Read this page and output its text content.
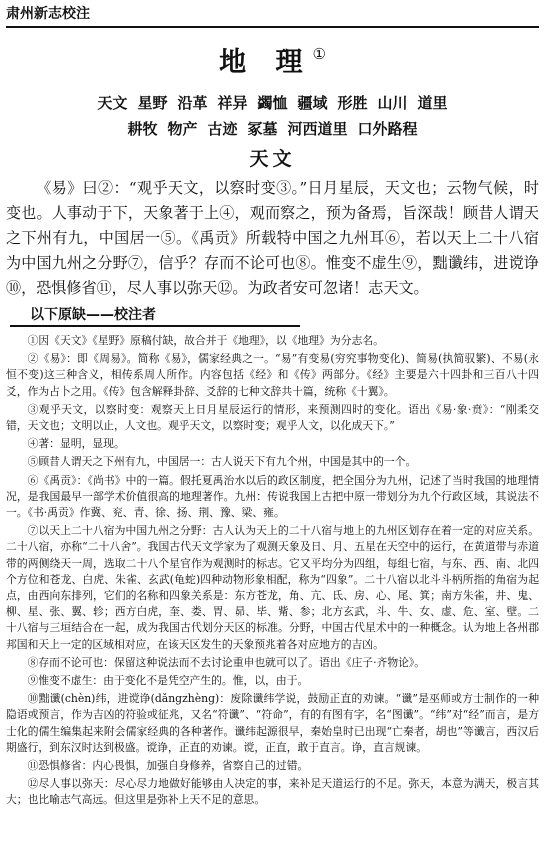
肃州新志校注
地 理①
天文 星野 沿革 祥异 蠲恤 疆域 形胜 山川 道里
耕牧 物产 古迹 冢墓 河西道里 口外路程
天文
《易》曰②：“观乎天文，以察时变③。”日月星辰，天文也；云物气候，时变也。人事动于下，天象著于上④，观而察之，预为备焉，旨深哉！顾昔人谓天之下州有九，中国居一⑤。《禹贡》所载特中国之九州耳⑥，若以天上二十八宿为中国九州之分野⑦，信乎？存而不论可也⑧。惟变不虚生⑨，黜谶纬，进谠诤⑩，恐惧修省⑪，尽人事以弥天⑫。为政者安可忽诸！志天文。
以下原缺——校注者

①因《天文》《星野》原稿付缺，故合并于《地理》，以《地理》为分志名。

②《易》：即《周易》。简称《易》，儒家经典之一。“易”有变易(穷究事物变化)、简易(执简驭繁)、不易(永恒不变)这三种含义，相传系周人所作。内容包括《经》和《传》两部分。《经》主要是六十四卦和三百八十四爻，作为占卜之用。《传》包含解释卦辞、爻辞的七种文辞共十篇，统称《十翼》。

③观乎天文，以察时变：观察天上日月星辰运行的情形，来预测四时的变化。语出《易·象·贲》：“刚柔交错，天文也；文明以止，人文也。观乎天文，以察时变；观乎人文，以化成天下。”

④著：显明，显现。

⑤顾昔人谓天之下州有九，中国居一：古人说天下有九个州，中国是其中的一个。

⑥《禹贡》：《尚书》中的一篇。假托夏禹治水以后的政区制度，把全国分为九州，记述了当时我国的地理情况，是我国最早一部学术价值很高的地理著作。九州：传说我国上古把中原一带划分为九个行政区域，其说法不一。《书·禹贡》作冀、兖、青、徐、扬、荆、豫、梁、雍。

⑦以天上二十八宿为中国九州之分野：古人认为天上的二十八宿与地上的九州区划存在着一定的对应关系。二十八宿，亦称“二十八舍”。我国古代天文学家为了观测天象及日、月、五星在天空中的运行，在黄道带与赤道带的两侧绕天一周，选取二十八个星官作为观测时的标志。它又平均分为四组，每组七宿，与东、西、南、北四个方位和苍龙、白虎、朱雀、玄武(龟蛇)四种动物形象相配，称为“四象”。二十八宿以北斗斗柄所指的角宿为起点，由西向东排列，它们的名称和四象关系是：东方苍龙，角、亢、氐、房、心、尾、箕；南方朱雀，井、鬼、柳、星、张、翼、轸；西方白虎，奎、娄、胃、昴、毕、觜、参；北方玄武，斗、牛、女、虚、危、室、壁。二十八宿与三垣结合在一起，成为我国古代划分天区的标准。分野，中国古代星术中的一种概念。认为地上各州郡邦国和天上一定的区域相对应，在该天区发生的天象预兆着各对应地方的吉凶。

⑧存而不论可也：保留这种说法而不去讨论重申也就可以了。语出《庄子·齐物论》。

⑨惟变不虚生：由于变化不是凭空产生的。惟，以，由于。

⑩黜谶(chèn)纬，进谠诤(dǎngzhèng)：废除谶纬学说，鼓励正直的劝谏。“谶”是巫师或方士制作的一种隐语或预言，作为吉凶的符验或征兆，又名“符谶”、“符命”，有的有图有字，名“图谶”。“纬”对“经”而言，是方士化的儒生编集起来附会儒家经典的各种著作。谶纬起源很早，秦始皇时已出现“亡秦者，胡也”等谶言，西汉后期盛行，到东汉时达到极盛。谠诤，正直的劝谏。谠，正直，敢于直言。诤，直言规谏。

⑪恐惧修省：内心畏惧，加强自身修养，省察自己的过错。

⑫尽人事以弥天：尽心尽力地做好能够由人决定的事，来补足天道运行的不足。弥天，本意为满天，极言其大；也比喻志气高远。但这里是弥补上天不足的意思。
